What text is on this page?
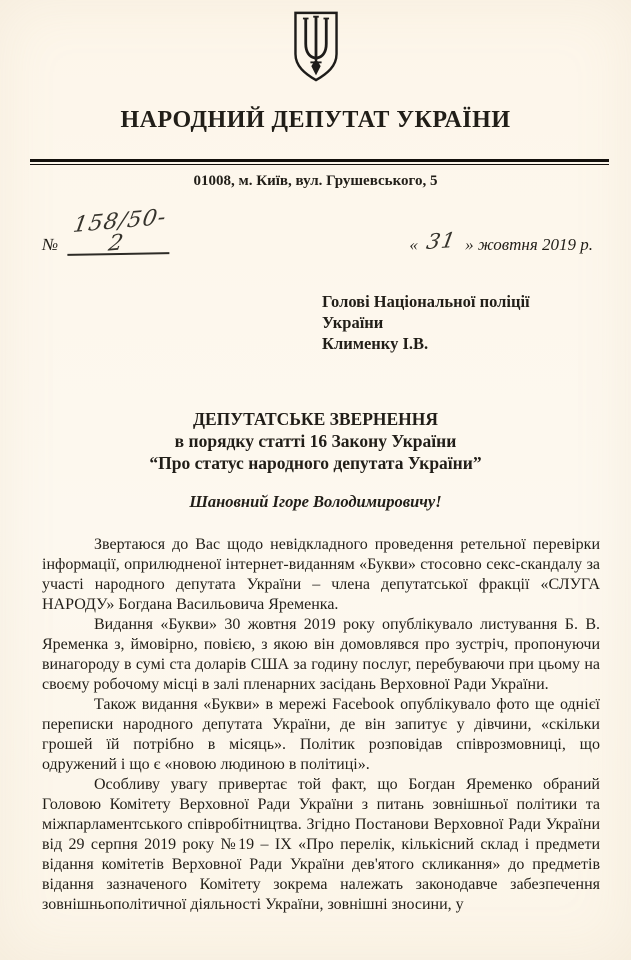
НАРОДНИЙ ДЕПУТАТ УКРАЇНИ
01008, м. Київ, вул. Грушевського, 5
№
158/50-2	« 31 » жовтня 2019 р.
Голові Національної поліції
України
Клименку І.В.
ДЕПУТАТСЬКЕ ЗВЕРНЕННЯ
в порядку статті 16 Закону України
“Про статус народного депутата України”
Шановний Ігоре Володимировичу!

Звертаюся до Вас щодо невідкладного проведення ретельної перевірки інформації, оприлюдненої інтернет-виданням «Букви» стосовно секс-скандалу за участі народного депутата України – члена депутатської фракції «СЛУГА НАРОДУ» Богдана Васильовича Яременка.

Видання «Букви» 30 жовтня 2019 року опублікувало листування Б. В. Яременка з, ймовірно, повією, з якою він домовлявся про зустріч, пропонуючи винагороду в сумі ста доларів США за годину послуг, перебуваючи при цьому на своєму робочому місці в залі пленарних засідань Верховної Ради України.

Також видання «Букви» в мережі Facebook опублікувало фото ще однієї переписки народного депутата України, де він запитує у дівчини, «скільки грошей їй потрібно в місяць». Політик розповідав співрозмовниці, що одружений і що є «новою людиною в політиці».

Особливу увагу привертає той факт, що Богдан Яременко обраний Головою Комітету Верховної Ради України з питань зовнішньої політики та міжпарламентського співробітництва. Згідно Постанови Верховної Ради України від 29 серпня 2019 року №19 – ІХ «Про перелік, кількісний склад і предмети відання комітетів Верховної Ради України дев'ятого скликання» до предметів відання зазначеного Комітету зокрема належать законодавче забезпечення зовнішньополітичної діяльності України, зовнішні зносини, у
